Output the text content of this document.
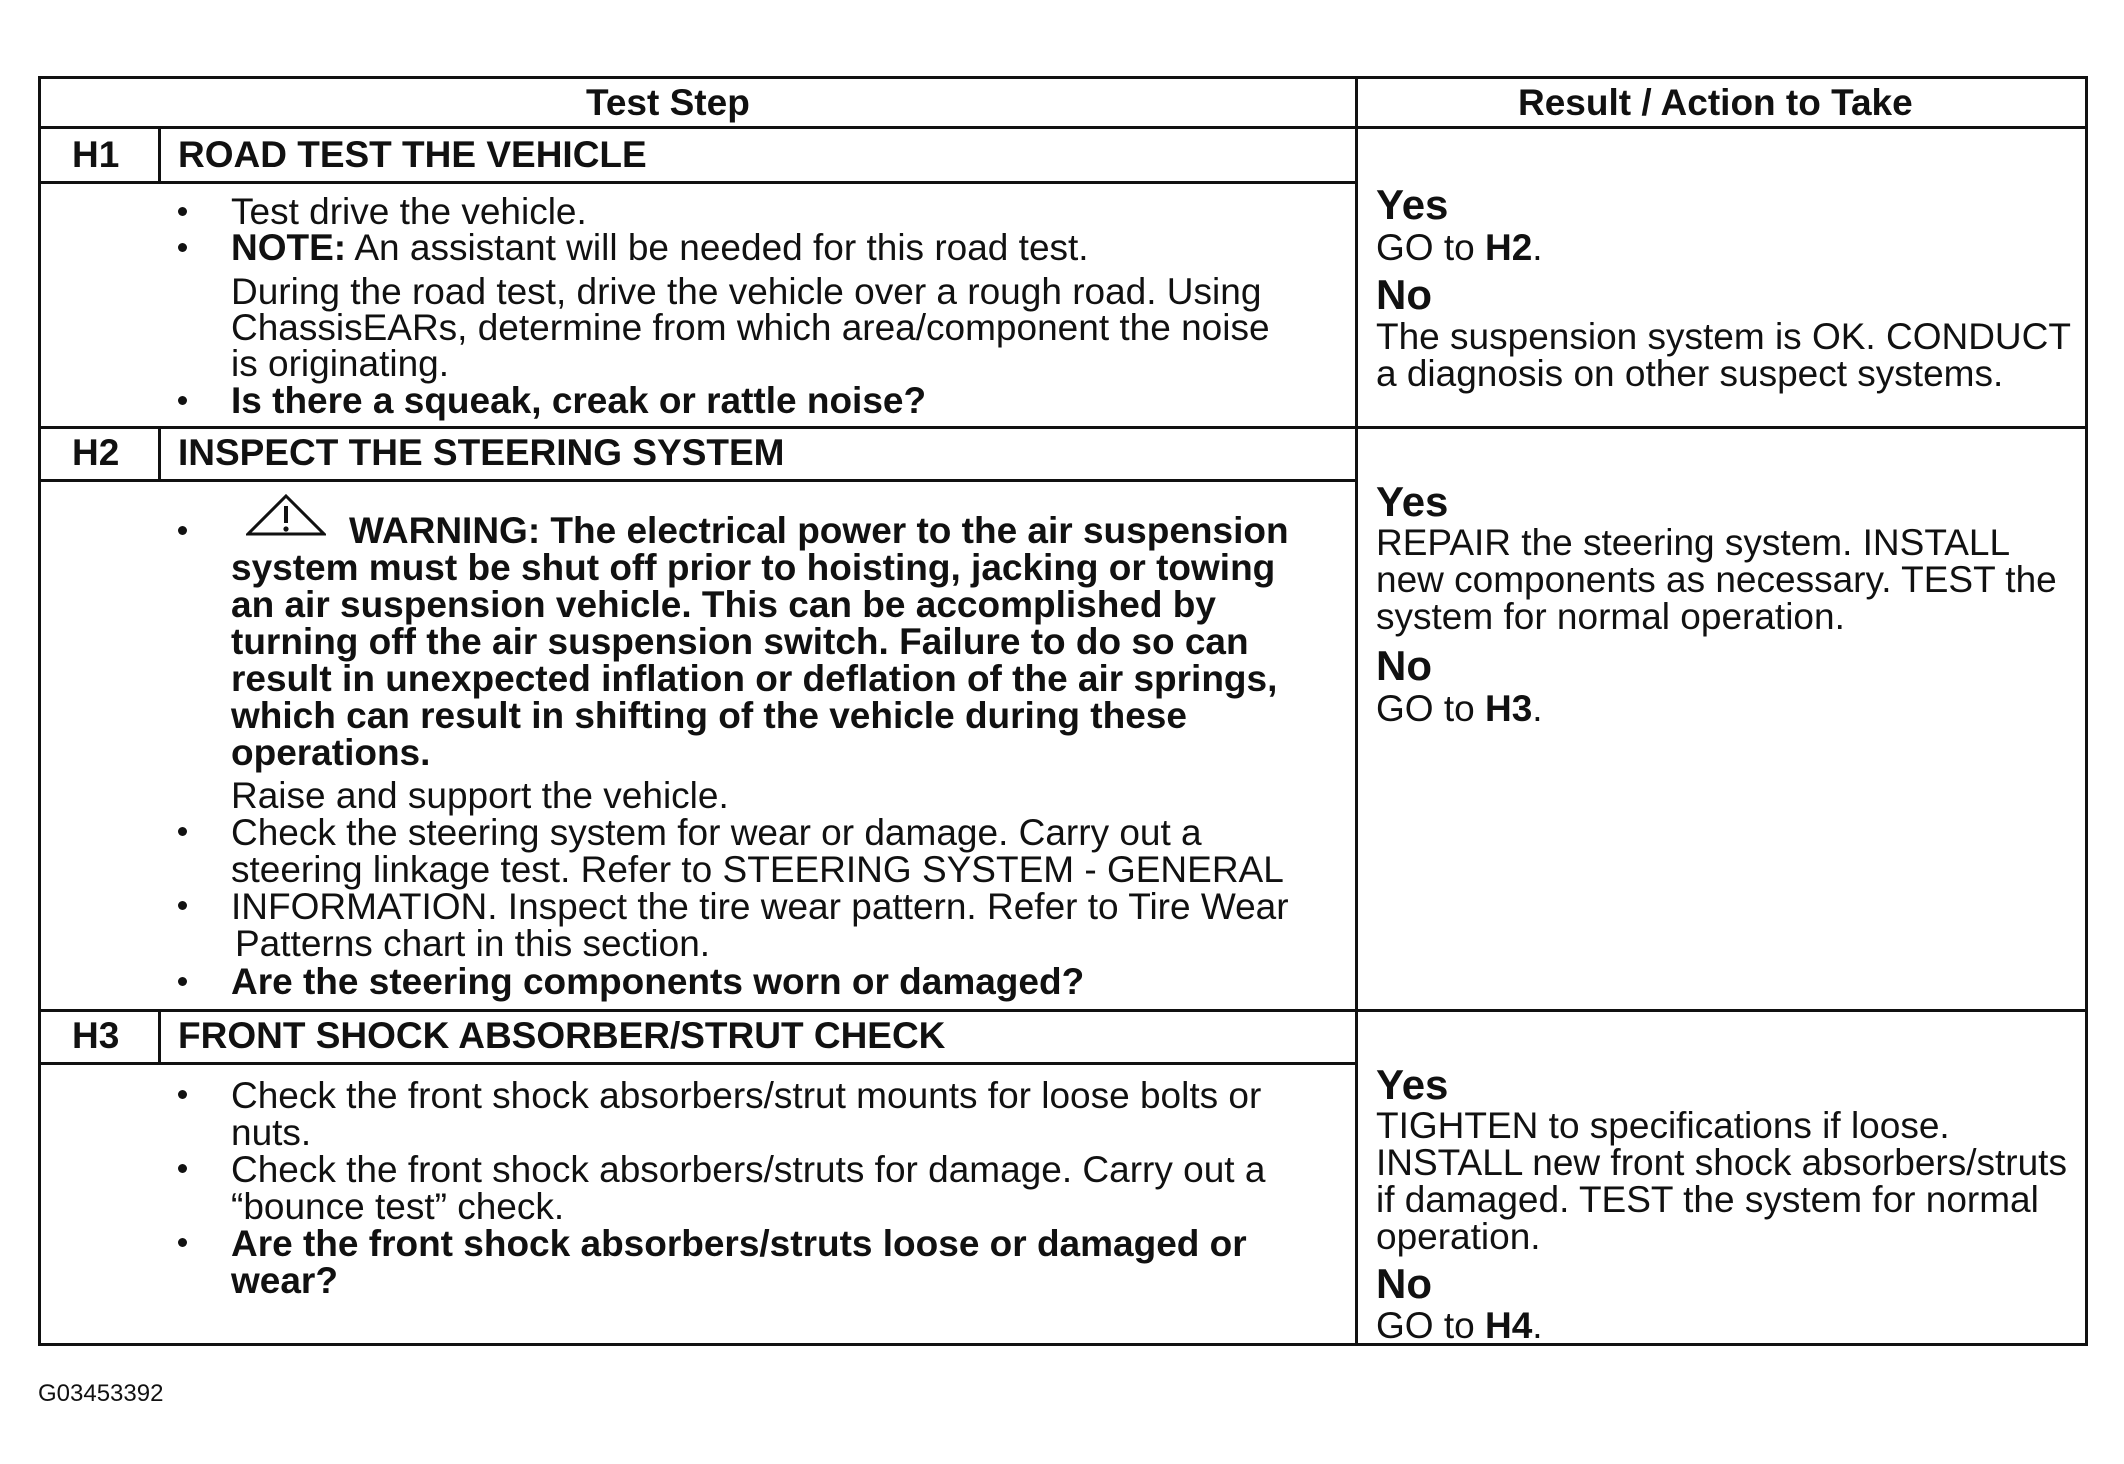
Test Step	Result / Action to Take
H1 ROAD TEST THE VEHICLE
Test drive the vehicle.
NOTE: An assistant will be needed for this road test.
During the road test, drive the vehicle over a rough road. Using
ChassisEARs, determine from which area/component the noise
is originating.
Is there a squeak, creak or rattle noise?
Yes
GO to H2.
No
The suspension system is OK. CONDUCT
a diagnosis on other suspect systems.
H2 INSPECT THE STEERING SYSTEM
WARNING: The electrical power to the air suspension
system must be shut off prior to hoisting, jacking or towing
an air suspension vehicle. This can be accomplished by
turning off the air suspension switch. Failure to do so can
result in unexpected inflation or deflation of the air springs,
which can result in shifting of the vehicle during these
operations.
Raise and support the vehicle.
Check the steering system for wear or damage. Carry out a
steering linkage test. Refer to STEERING SYSTEM - GENERAL
INFORMATION. Inspect the tire wear pattern. Refer to Tire Wear
Patterns chart in this section.
Are the steering components worn or damaged?
Yes
REPAIR the steering system. INSTALL
new components as necessary. TEST the
system for normal operation.
No
GO to H3.
H3 FRONT SHOCK ABSORBER/STRUT CHECK
Check the front shock absorbers/strut mounts for loose bolts or
nuts.
Check the front shock absorbers/struts for damage. Carry out a
“bounce test” check.
Are the front shock absorbers/struts loose or damaged or
wear?
Yes
TIGHTEN to specifications if loose.
INSTALL new front shock absorbers/struts
if damaged. TEST the system for normal
operation.
No
GO to H4.
G03453392
